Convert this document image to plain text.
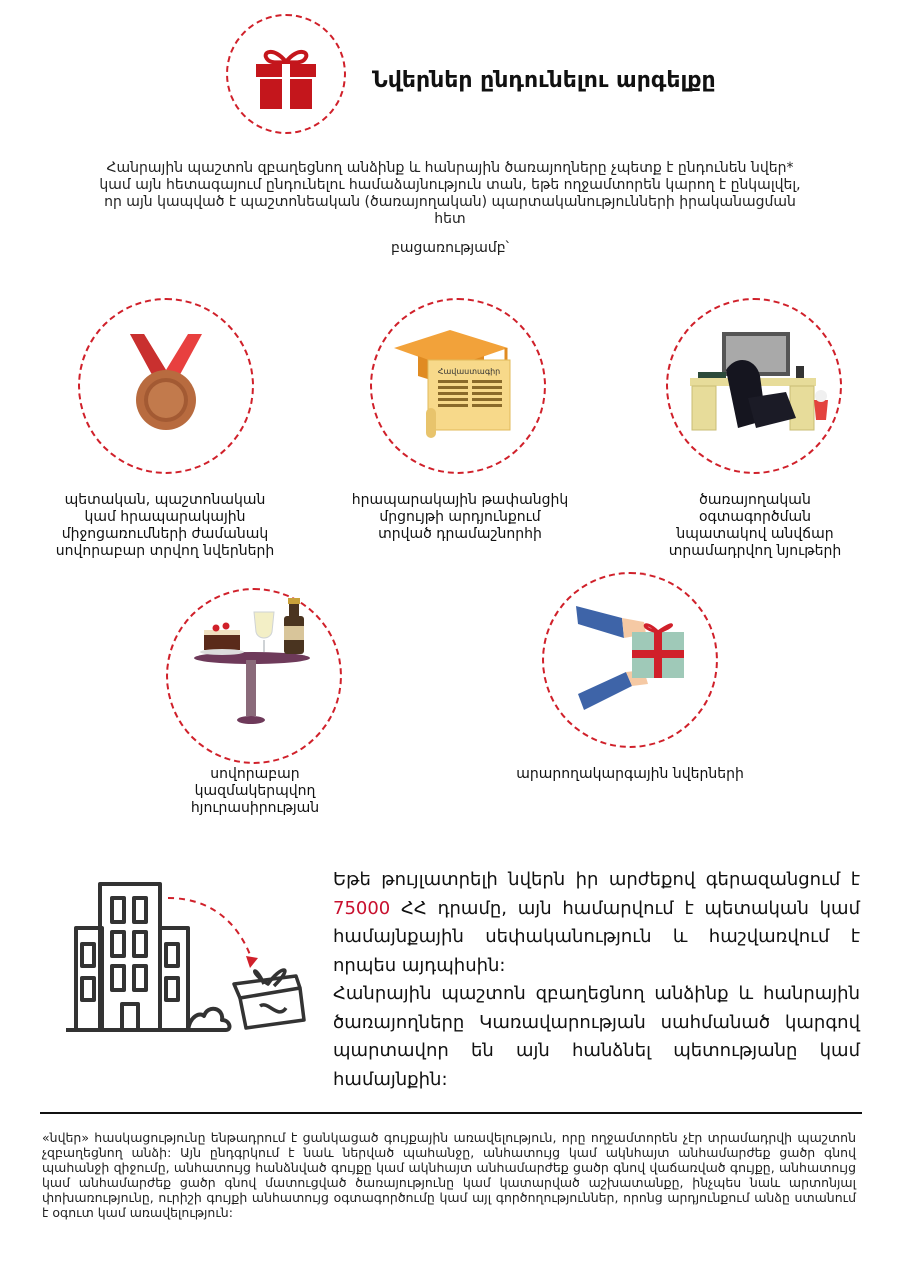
Նվերներ ընդունելու արգելքը
Հանրային պաշտոն զբաղեցնող անձինք և հանրային ծառայողները չպետք է ընդունեն նվեր* կամ այն հետագայում ընդունելու համաձայնություն տան, եթե ողջամտորեն կարող է ընկալվել, որ այն կապված է պաշտոնեական (ծառայողական) պարտականությունների իրականացման հետ
բացառությամբ՝
պետական, պաշտոնական
կամ հրապարակային
միջոցառումների ժամանակ
սովորաբար տրվող նվերների
Հավաստագիր
հրապարակային թափանցիկ
մրցույթի արդյունքում
տրված դրամաշնորհի
ծառայողական
օգտագործման
նպատակով անվճար
տրամադրվող նյութերի
սովորաբար
կազմակերպվող
հյուրասիրության
արարողակարգային նվերների
Եթե թույլատրելի նվերն իր արժեքով գերազանցում է 75000 ՀՀ դրամը, այն համարվում է պետական կամ համայնքային սեփականություն և հաշվառվում է որպես այդպիսին:
Հանրային պաշտոն զբաղեցնող անձինք և հանրային ծառայողները Կառավարության սահմանած կարգով պարտավոր են այն հանձնել պետությանը կամ համայնքին:
«նվեր» հասկացությունը ենթադրում է ցանկացած գույքային առավելություն, որը ողջամտորեն չէր տրամադրվի պաշտոն չզբաղեցնող անձի: Այն ընդգրկում է նաև ներված պահանջը, անհատույց կամ ակնհայտ անհամարժեք ցածր գնով պահանջի զիջումը, անհատույց հանձնված գույքը կամ ակնհայտ անհամարժեք ցածր գնով վաճառված գույքը, անհատույց կամ անհամարժեք ցածր գնով մատուցված ծառայությունը կամ կատարված աշխատանքը, ինչպես նաև արտոնյալ փոխառությունը, ուրիշի գույքի անհատույց օգտագործումը կամ այլ գործողություններ, որոնց արդյունքում անձը ստանում է օգուտ կամ առավելություն:
